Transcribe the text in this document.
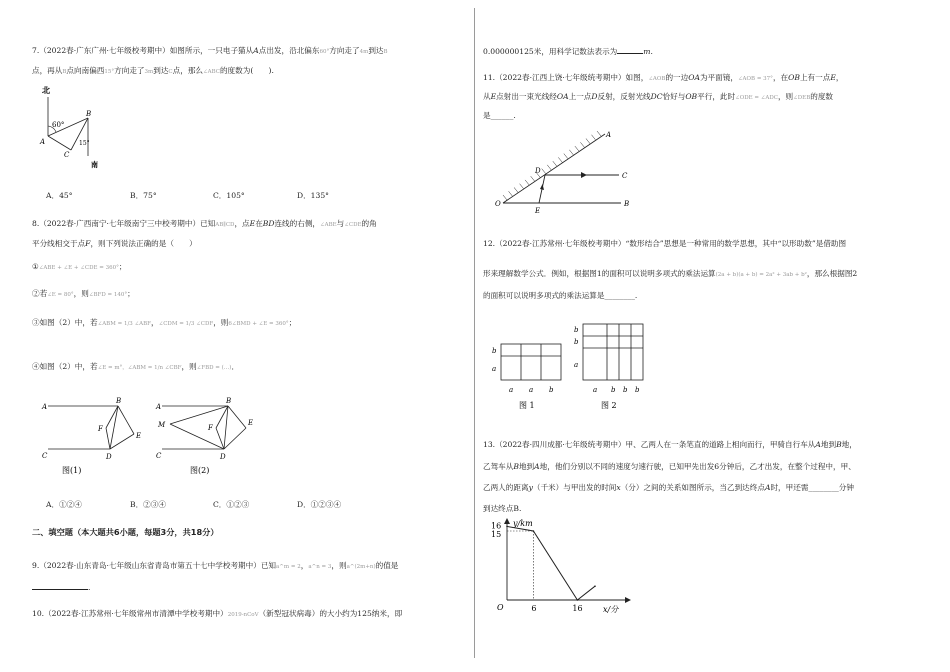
7.（2022春·广东广州·七年级校考期中）如图所示，一只电子猫从A点出发，沿北偏东60°方向走了4m到达B
点，再从B点向南偏西15°方向走了3m到达C点，那么∠ABC的度数为(　　).
北
60°
15°
A
B
C
南
A．45°	B．75°	C．105°	D．135°
8.（2022春·广西南宁·七年级南宁三中校考期中）已知AB∥CD，点E在BD连线的右侧，∠ABE与∠CDE的角
平分线相交于点F，则下列说法正确的是（　　）
①∠ABE + ∠E + ∠CDE = 360°；
②若∠E = 80°，则∠BFD = 140°；
③如图（2）中，若∠ABM = 1/3 ∠ABF，∠CDM = 1/3 ∠CDF，则6∠BMD + ∠E = 360°；
④如图（2）中，若∠E = m°，∠ABM = 1/n ∠CBF，则∠FBD = (…)．
A
B
C	D
E
F
图(1)
A
B
C	D
E
F
M
图(2)
A．①②④	B．②③④	C．①②③	D．①②③④
二、填空题（本大题共6小题，每题3分，共18分）
9.（2022春·山东青岛·七年级山东省青岛市第五十七中学校考期中）已知a^m = 2，a^n = 3，则a^(2m+n)的值是
.
10.（2022春·江苏常州·七年级常州市清潭中学校考期中）2019-nCoV（新型冠状病毒）的大小约为125纳米，即
0.000000125米，用科学记数法表示为	m.
11.（2022春·江西上饶·七年级统考期中）如图，∠AOB的一边OA为平面镜，∠AOB = 37°，在OB上有一点E，
从E点射出一束光线经OA上一点D反射，反射光线DC恰好与OB平行，此时∠ODE = ∠ADC，则∠DEB的度数
是______.
A
B
C
D
E
O
12.（2022春·江苏常州·七年级校考期中）“数形结合”思想是一种常用的数学思想，其中“以形助数”是借助图
形来理解数学公式．例如，根据图1的面积可以说明多项式的乘法运算(2a + b)(a + b) = 2a² + 3ab + b²，那么根据图2
的面积可以说明多项式的乘法运算是________.
b
a
a a b
图 1
b
b
a
a b b b
图 2
13.（2022春·四川成都·七年级统考期中）甲、乙两人在一条笔直的道路上相向而行，甲骑自行车从A地到B地，
乙驾车从B地到A地，他们分别以不同的速度匀速行驶，已知甲先出发6分钟后，乙才出发，在整个过程中，甲、
乙两人的距离y（千米）与甲出发的时间x（分）之间的关系如图所示，当乙到达终点A时，甲还需________分钟
到达终点B.
y/km
x/分
O
16
15
6	16
